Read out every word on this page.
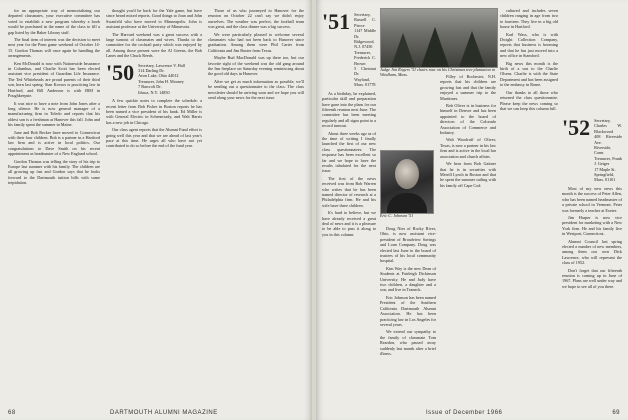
for an appropriate way of memorializing our departed classmates, your executive committee has voted to establish a new program whereby a book would be purchased in the name of the class to fill a gap listed by the Baker Library staff.

The final item of interest was the decision to meet next year for the Penn game weekend of October 14-15. Gordon Thomas will once again be handling the arrangements.

Ken McDonald is now with Nationwide Insurance in Columbus, and Charlie Scott has been elected assistant vice president of Guardian Life Insurance. The Ted Whiteheads are proud parents of their third son, born last spring. Stan Kovacs is practicing law in Hartford, and Bill Anderson is with IBM in Poughkeepsie.

It was nice to have a note from John Jones after a long silence. He is now general manager of a manufacturing firm in Toledo and reports that his oldest son is a freshman at Hanover this fall. John and his family spent the summer in Maine.

June and Bob Becker have moved to Connecticut with their four children. Bob is a partner in a Hartford law firm and is active in local politics. Our congratulations to Dave Smith on his recent appointment as headmaster of a New England school.

Gordon Thomas was telling the story of his trip to Europe last summer with his family. The children are all growing up fast and Gordon says that he looks forward to the Dartmouth tuition bills with some trepidation.

thought you'd be back for the Yale game, but have since heard mixed reports. Good things to Joan and John Swanfeld who have moved to Minneapolis. John is assistant professor at the University of Minnesota.

The Harvard weekend was a great success with a large turnout of classmates and wives. Thanks to the committee for the cocktail party which was enjoyed by all. Among those present were the Al Greens, the Bob Lanes and the Chuck Reeds.

'50 Secretary, Lawrence V. Hall
314 Darling Dr.
Avon Lake, Ohio 44012
Treasurer, John H. Mooney
7 Barcroft Dr.
Ithaca, N.Y. 14850

A few quickie notes to complete the schedule: a recent letter from Bob Fisher in Boston reports he has been named a vice president of his bank. Ed Miller is with General Electric in Schenectady, and Walt Harris has a new job in Chicago.

Our class agent reports that the Alumni Fund effort is going well this year and that we are ahead of last year's pace at this time. He urges all who have not yet contributed to do so before the end of the fund year.

Those of us who journeyed to Hanover for the reunion on October 22 can't say we didn't enjoy ourselves. The weather was perfect, the football team was great, and the class dinner was a big success.

We were particularly pleased to welcome several classmates who had not been back to Hanover since graduation. Among them were Phil Carter from California and Jim Baxter from Texas.

Maybe Bud MacDonald was up there too, but our favorite sight of the weekend was the old gang around the Inn fireplace on Saturday evening reminiscing about the good old days in Hanover.

After we get as much information as possible, we'll be sending out a questionnaire to the class. The class newsletter should be arriving soon and we hope you will send along your news for the next issue.

68	DARTMOUTH ALUMNI MAGAZINE
'51 Secretary, Russell C. Pierce
1147 Middle Dr.
Ridgewood, N.J. 07450
Treasurer, Frederick C. Brown
5 Chestnut Dr.
Wayland, Mass. 01778

As a birthday, he explained, particular skill and preparation have gone into the plans for our fifteenth reunion next June. The committee has been meeting regularly and all signs point to a record turnout.

About three weeks ago as of the time of writing I finally launched the first of our new class questionnaires. The response has been excellent so far and we hope to have the results tabulated for the next issue.

The first of the news received was from Bob Warren who writes that he has been named director of research at a Philadelphia firm. He and his wife have three children.

It's hard to believe, but we have already received a great deal of news and it is a pleasure to be able to pass it along to you in this column.

Doug Nies of Rocky River, Ohio, is now assistant vice-president of Broadview Savings and Loan Company. Doug was elected last June to the board of trustees of his local community hospital.

Kim Way is the new Dean of Students at Fairleigh Dickinson University. He and Judy have two children, a daughter and a son, and live in Teaneck.

Eric Johnson has been named President of the Southern California Dartmouth Alumni Association. He has been practicing law in Los Angeles for several years.

We extend our sympathy to the family of classmate Tom Reardon, who passed away suddenly last month after a brief illness.

Filley of Rochester, N.H. reports that his children are growing fast and that the family enjoyed a summer trip to the Maritimes.

Bob Oliver is in business for himself in Denver and has been appointed to the board of directors of the Colorado Association of Commerce and Industry.

Walt Woodruff of Oliver, Texas, is now a partner in his law firm and is active in the local bar association and church affairs.

We hear from Bob Gaitner that he is in securities with Merrill Lynch in Boston and that he spent the summer sailing with his family off Cape Cod.

cultured and includes seven children ranging in age from two to fourteen. They live in a big old house in Hartford.

Karl Wass, who is with Dwight Collection Company, reports that business is booming and that he has just moved into a new office in Stamford.

Big news this month is the birth of a son to the Charlie Olsens. Charlie is with the State Department and has been assigned to the embassy in Rome.

Our thanks to all those who returned the class questionnaire. Please keep the news coming so that we can keep this column full.

'52 Secretary, Charles W. Blackwood
408 Riverside Ave.
Riverside, Conn.
Treasurer, Frank J. Geiger
17 Maple St.
Springfield, Mass. 01101

Most of my new news this month is the success of Peter Allen, who has been named headmaster of a private school in Vermont. Peter was formerly a teacher at Exeter.

Jim Harper is now vice president for marketing with a New York firm. He and his family live in Westport, Connecticut.

Alumni Council last spring elected a number of new members, among them our own Dick Lawrence, who will represent the class of 1952.

Don't forget that our fifteenth reunion is coming up in June of 1967. Plans are well under way and we hope to see all of you there.

Judge Jim Rogers '51 chairs tour on his Christmas tree plantation in Windham, Mass.
Eric C. Johnson '51
Issue of December 1966	69
